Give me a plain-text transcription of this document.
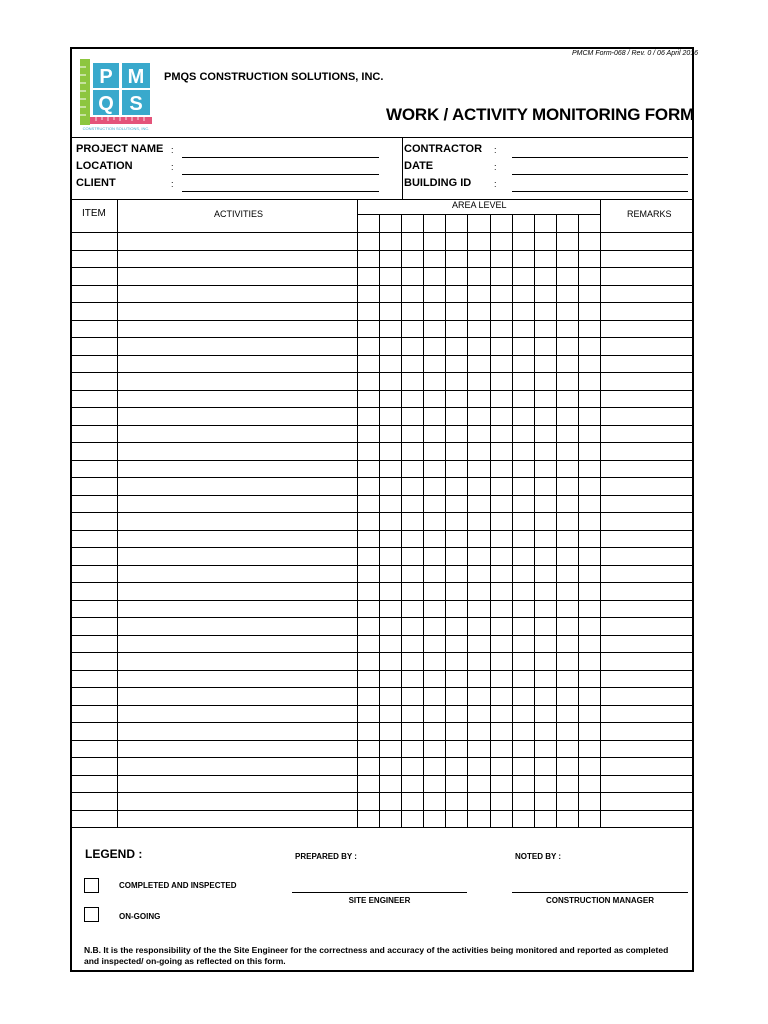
PMCM Form-068 / Rev. 0 / 06 April 2016
P M
Q S
CONSTRUCTION SOLUTIONS, INC.
PMQS CONSTRUCTION SOLUTIONS, INC.
WORK / ACTIVITY MONITORING FORM
PROJECT NAME :
LOCATION	:
CLIENT	:
CONTRACTOR :
DATE	:
BUILDING ID	:
ITEM	ACTIVITIES
AREA LEVEL
REMARKS
LEGEND :
COMPLETED AND INSPECTED
ON-GOING
PREPARED BY :	NOTED BY :
SITE ENGINEER	CONSTRUCTION MANAGER
N.B. It is the responsibility of the the Site Engineer for the correctness and accuracy of the activities being monitored and reported as completed and inspected/ on-going as reflected on this form.
